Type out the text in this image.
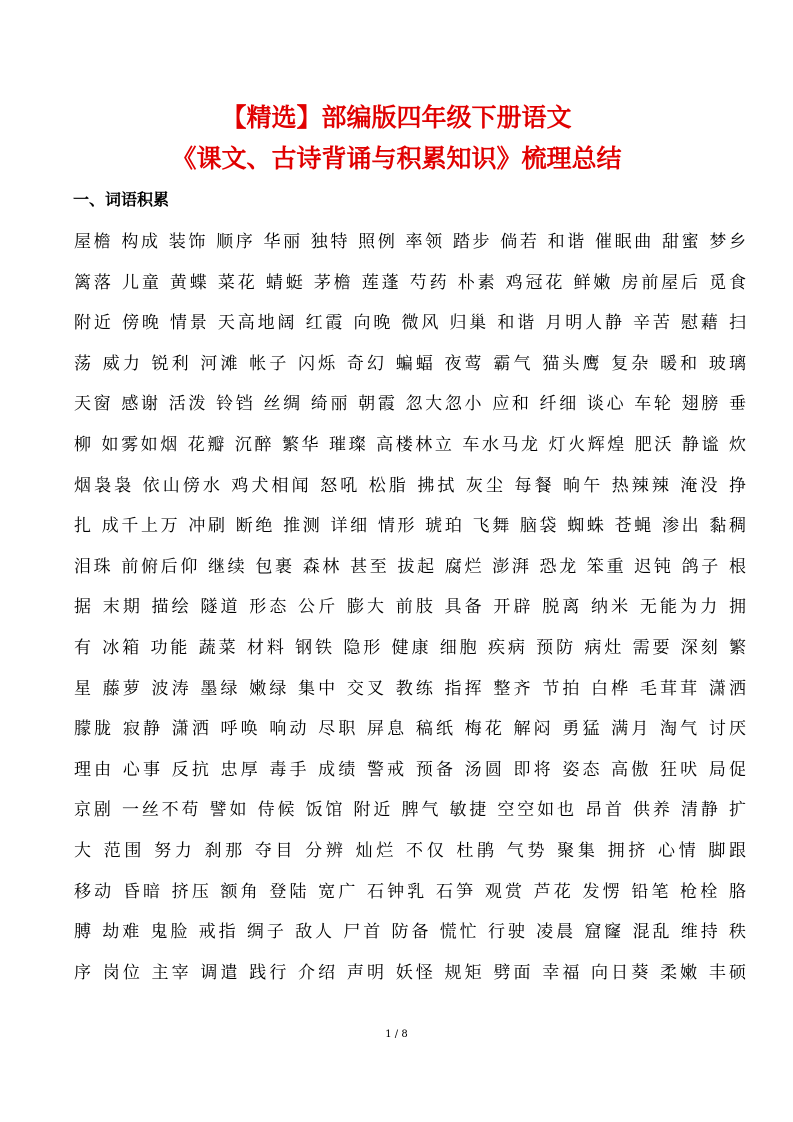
【精选】部编版四年级下册语文
《课文、古诗背诵与积累知识》梳理总结
一、词语积累
屋檐 构成 装饰 顺序 华丽 独特 照例 率领 踏步 倘若 和谐 催眠曲 甜蜜 梦乡
篱落 儿童 黄蝶 菜花 蜻蜓 茅檐 莲蓬 芍药 朴素 鸡冠花 鲜嫩 房前屋后 觅食
附近 傍晚 情景 天高地阔 红霞 向晚 微风 归巢 和谐 月明人静 辛苦 慰藉 扫
荡 威力 锐利 河滩 帐子 闪烁 奇幻 蝙蝠 夜莺 霸气 猫头鹰 复杂 暖和 玻璃
天窗 感谢 活泼 铃铛 丝绸 绮丽 朝霞 忽大忽小 应和 纤细 谈心 车轮 翅膀 垂
柳 如雾如烟 花瓣 沉醉 繁华 璀璨 高楼林立 车水马龙 灯火辉煌 肥沃 静谧 炊
烟袅袅 依山傍水 鸡犬相闻 怒吼 松脂 拂拭 灰尘 每餐 晌午 热辣辣 淹没 挣
扎 成千上万 冲刷 断绝 推测 详细 情形 琥珀 飞舞 脑袋 蜘蛛 苍蝇 渗出 黏稠
泪珠 前俯后仰 继续 包裹 森林 甚至 拔起 腐烂 澎湃 恐龙 笨重 迟钝 鸽子 根
据 末期 描绘 隧道 形态 公斤 膨大 前肢 具备 开辟 脱离 纳米 无能为力 拥
有 冰箱 功能 蔬菜 材料 钢铁 隐形 健康 细胞 疾病 预防 病灶 需要 深刻 繁
星 藤萝 波涛 墨绿 嫩绿 集中 交叉 教练 指挥 整齐 节拍 白桦 毛茸茸 潇洒
朦胧 寂静 潇洒 呼唤 响动 尽职 屏息 稿纸 梅花 解闷 勇猛 满月 淘气 讨厌
理由 心事 反抗 忠厚 毒手 成绩 警戒 预备 汤圆 即将 姿态 高傲 狂吠 局促
京剧 一丝不苟 譬如 侍候 饭馆 附近 脾气 敏捷 空空如也 昂首 供养 清静 扩
大 范围 努力 刹那 夺目 分辨 灿烂 不仅 杜鹃 气势 聚集 拥挤 心情 脚跟
移动 昏暗 挤压 额角 登陆 宽广 石钟乳 石笋 观赏 芦花 发愣 铅笔 枪栓 胳
膊 劫难 鬼脸 戒指 绸子 敌人 尸首 防备 慌忙 行驶 凌晨 窟窿 混乱 维持 秩
序 岗位 主宰 调遣 践行 介绍 声明 妖怪 规矩 劈面 幸福 向日葵 柔嫩 丰硕
1 / 8
